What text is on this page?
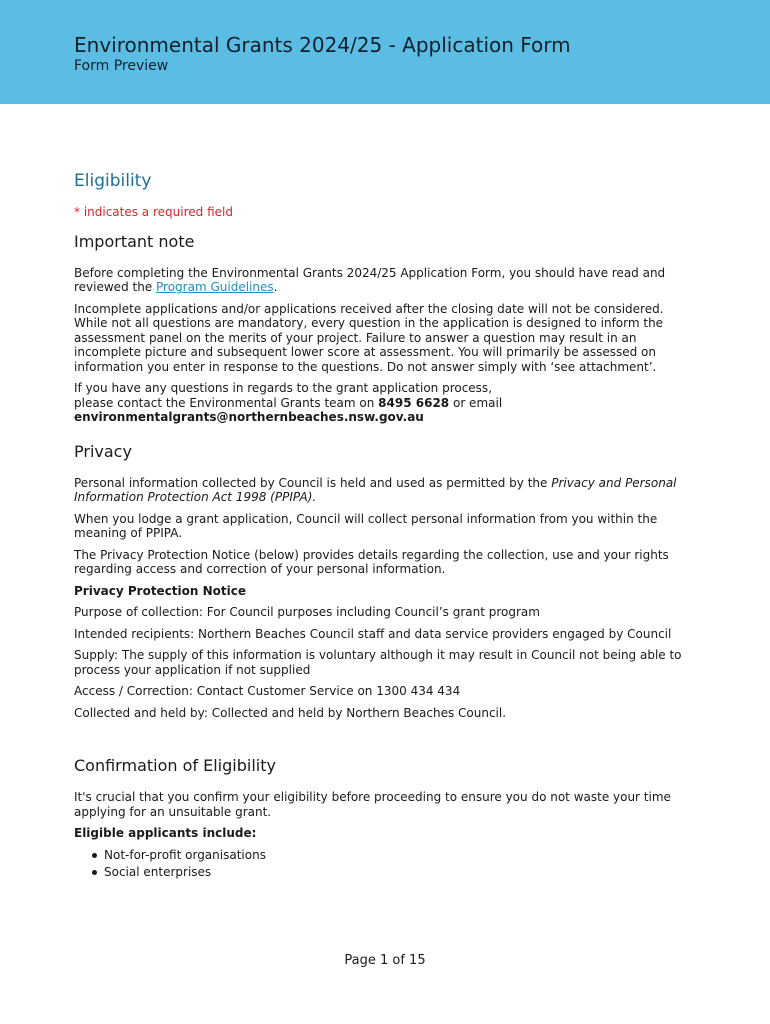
Environmental Grants 2024/25 - Application Form
Form Preview
Eligibility
* indicates a required field
Important note

Before completing the Environmental Grants 2024/25 Application Form, you should have read and reviewed the Program Guidelines.

Incomplete applications and/or applications received after the closing date will not be considered. While not all questions are mandatory, every question in the application is designed to inform the assessment panel on the merits of your project. Failure to answer a question may result in an incomplete picture and subsequent lower score at assessment. You will primarily be assessed on information you enter in response to the questions. Do not answer simply with ‘see attachment’.

If you have any questions in regards to the grant application process,
please contact the Environmental Grants team on 8495 6628 or email
environmentalgrants@northernbeaches.nsw.gov.au

Privacy

Personal information collected by Council is held and used as permitted by the Privacy and Personal Information Protection Act 1998 (PPIPA).

When you lodge a grant application, Council will collect personal information from you within the meaning of PPIPA.

The Privacy Protection Notice (below) provides details regarding the collection, use and your rights regarding access and correction of your personal information.

Privacy Protection Notice

Purpose of collection: For Council purposes including Council’s grant program

Intended recipients: Northern Beaches Council staff and data service providers engaged by Council

Supply: The supply of this information is voluntary although it may result in Council not being able to process your application if not supplied

Access / Correction: Contact Customer Service on 1300 434 434

Collected and held by: Collected and held by Northern Beaches Council.

Confirmation of Eligibility

It's crucial that you confirm your eligibility before proceeding to ensure you do not waste your time applying for an unsuitable grant.

Eligible applicants include:

Not-for-profit organisations
Social enterprises
Page 1 of 15
